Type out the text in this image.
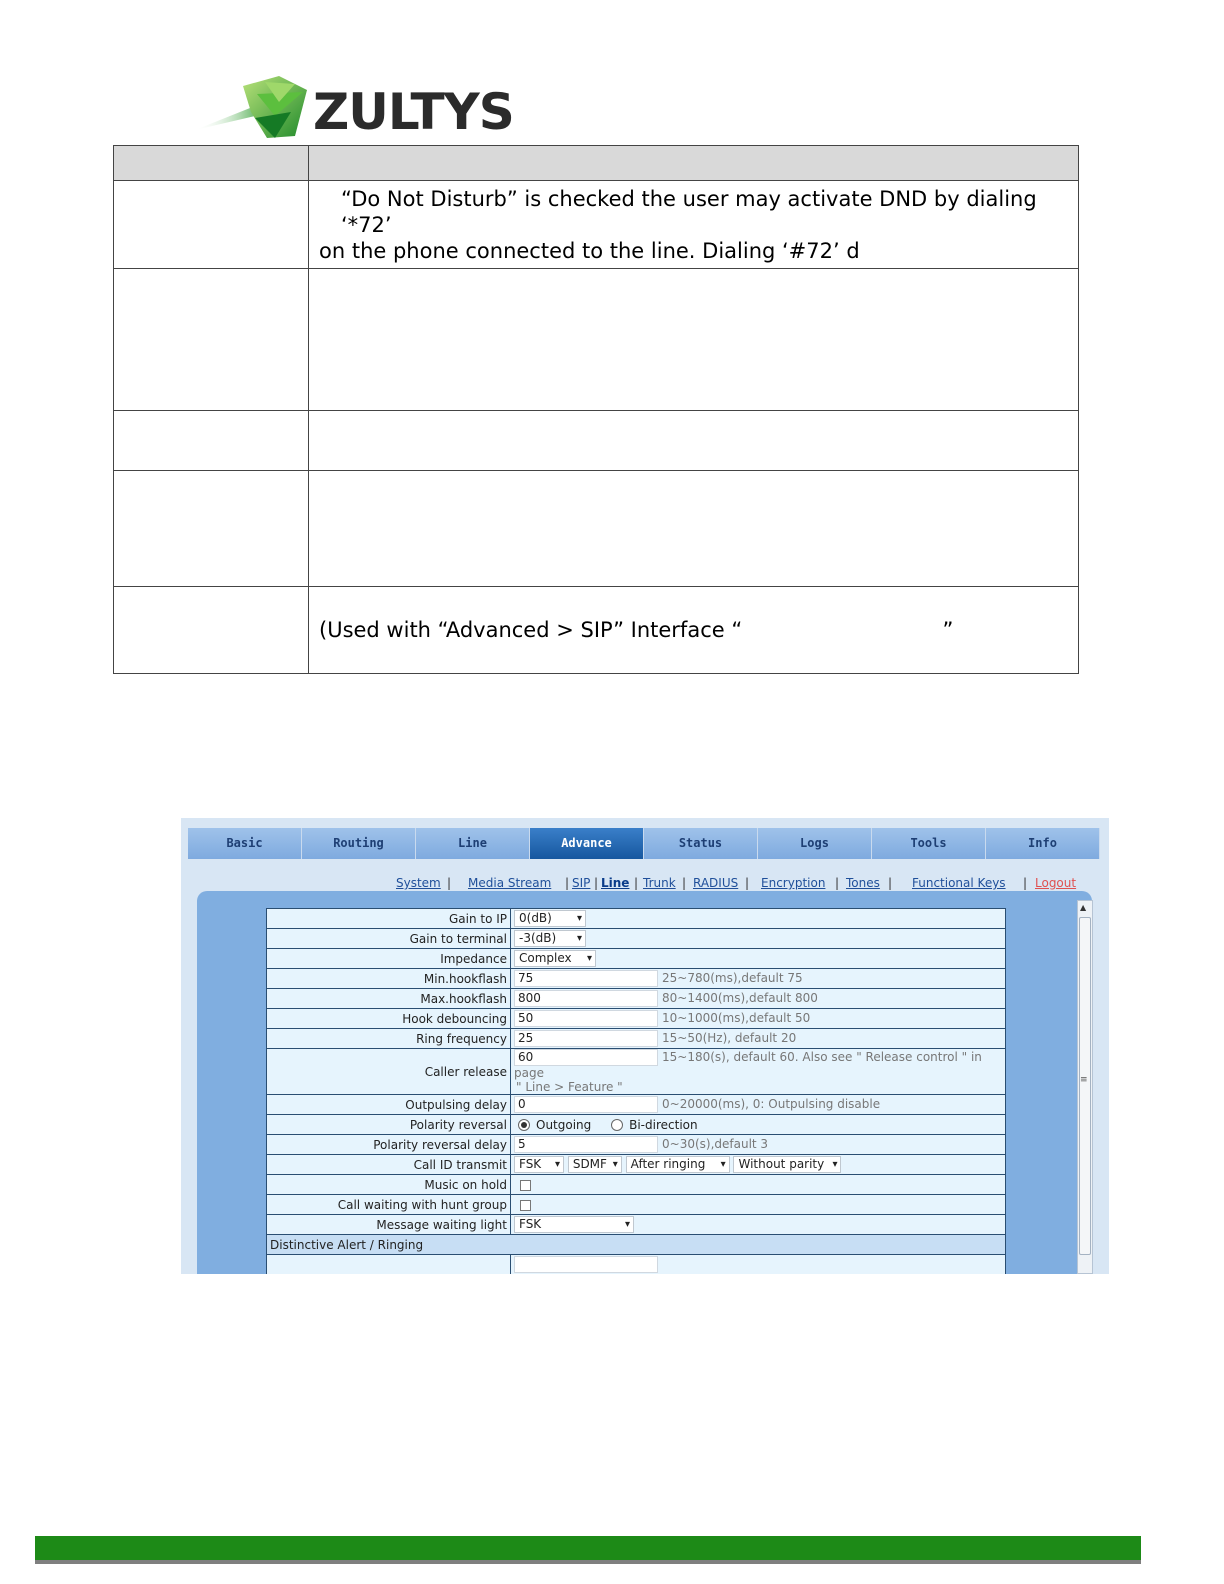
ZULTYS

	“Do Not Disturb” is checked the user may activate DND by dialing ‘*72’
on the phone connected to the line. Dialing ‘#72’ d

	(Used with “Advanced > SIP” Interface “                              ”
Basic	Routing	Line	Advance	Status	Logs	Tools	Info
System | Media Stream | SIP | Line | Trunk | RADIUS | Encryption | Tones | Functional Keys | Logout
▲
≡
Gain to IP	0(dB) ▾
Gain to terminal	-3(dB) ▾
Impedance	Complex ▾
Min.hookflash	75 25~780(ms),default 75
Max.hookflash	800 80~1400(ms),default 800
Hook debouncing	50 10~1000(ms),default 50
Ring frequency	25 15~50(Hz), default 20
Caller release	60 15~180(s), default 60. Also see " Release control " in page
" Line > Feature "

Outpulsing delay	0 0~20000(ms), 0: Outpulsing disable
Polarity reversal	Outgoing Bi-direction
Polarity reversal delay	5 0~30(s),default 3
Call ID transmit	FSK ▾ SDMF ▾ After ringing ▾ Without parity ▾
Music on hold	
Call waiting with hunt group	
Message waiting light	FSK ▾
Distinctive Alert / Ringing	
